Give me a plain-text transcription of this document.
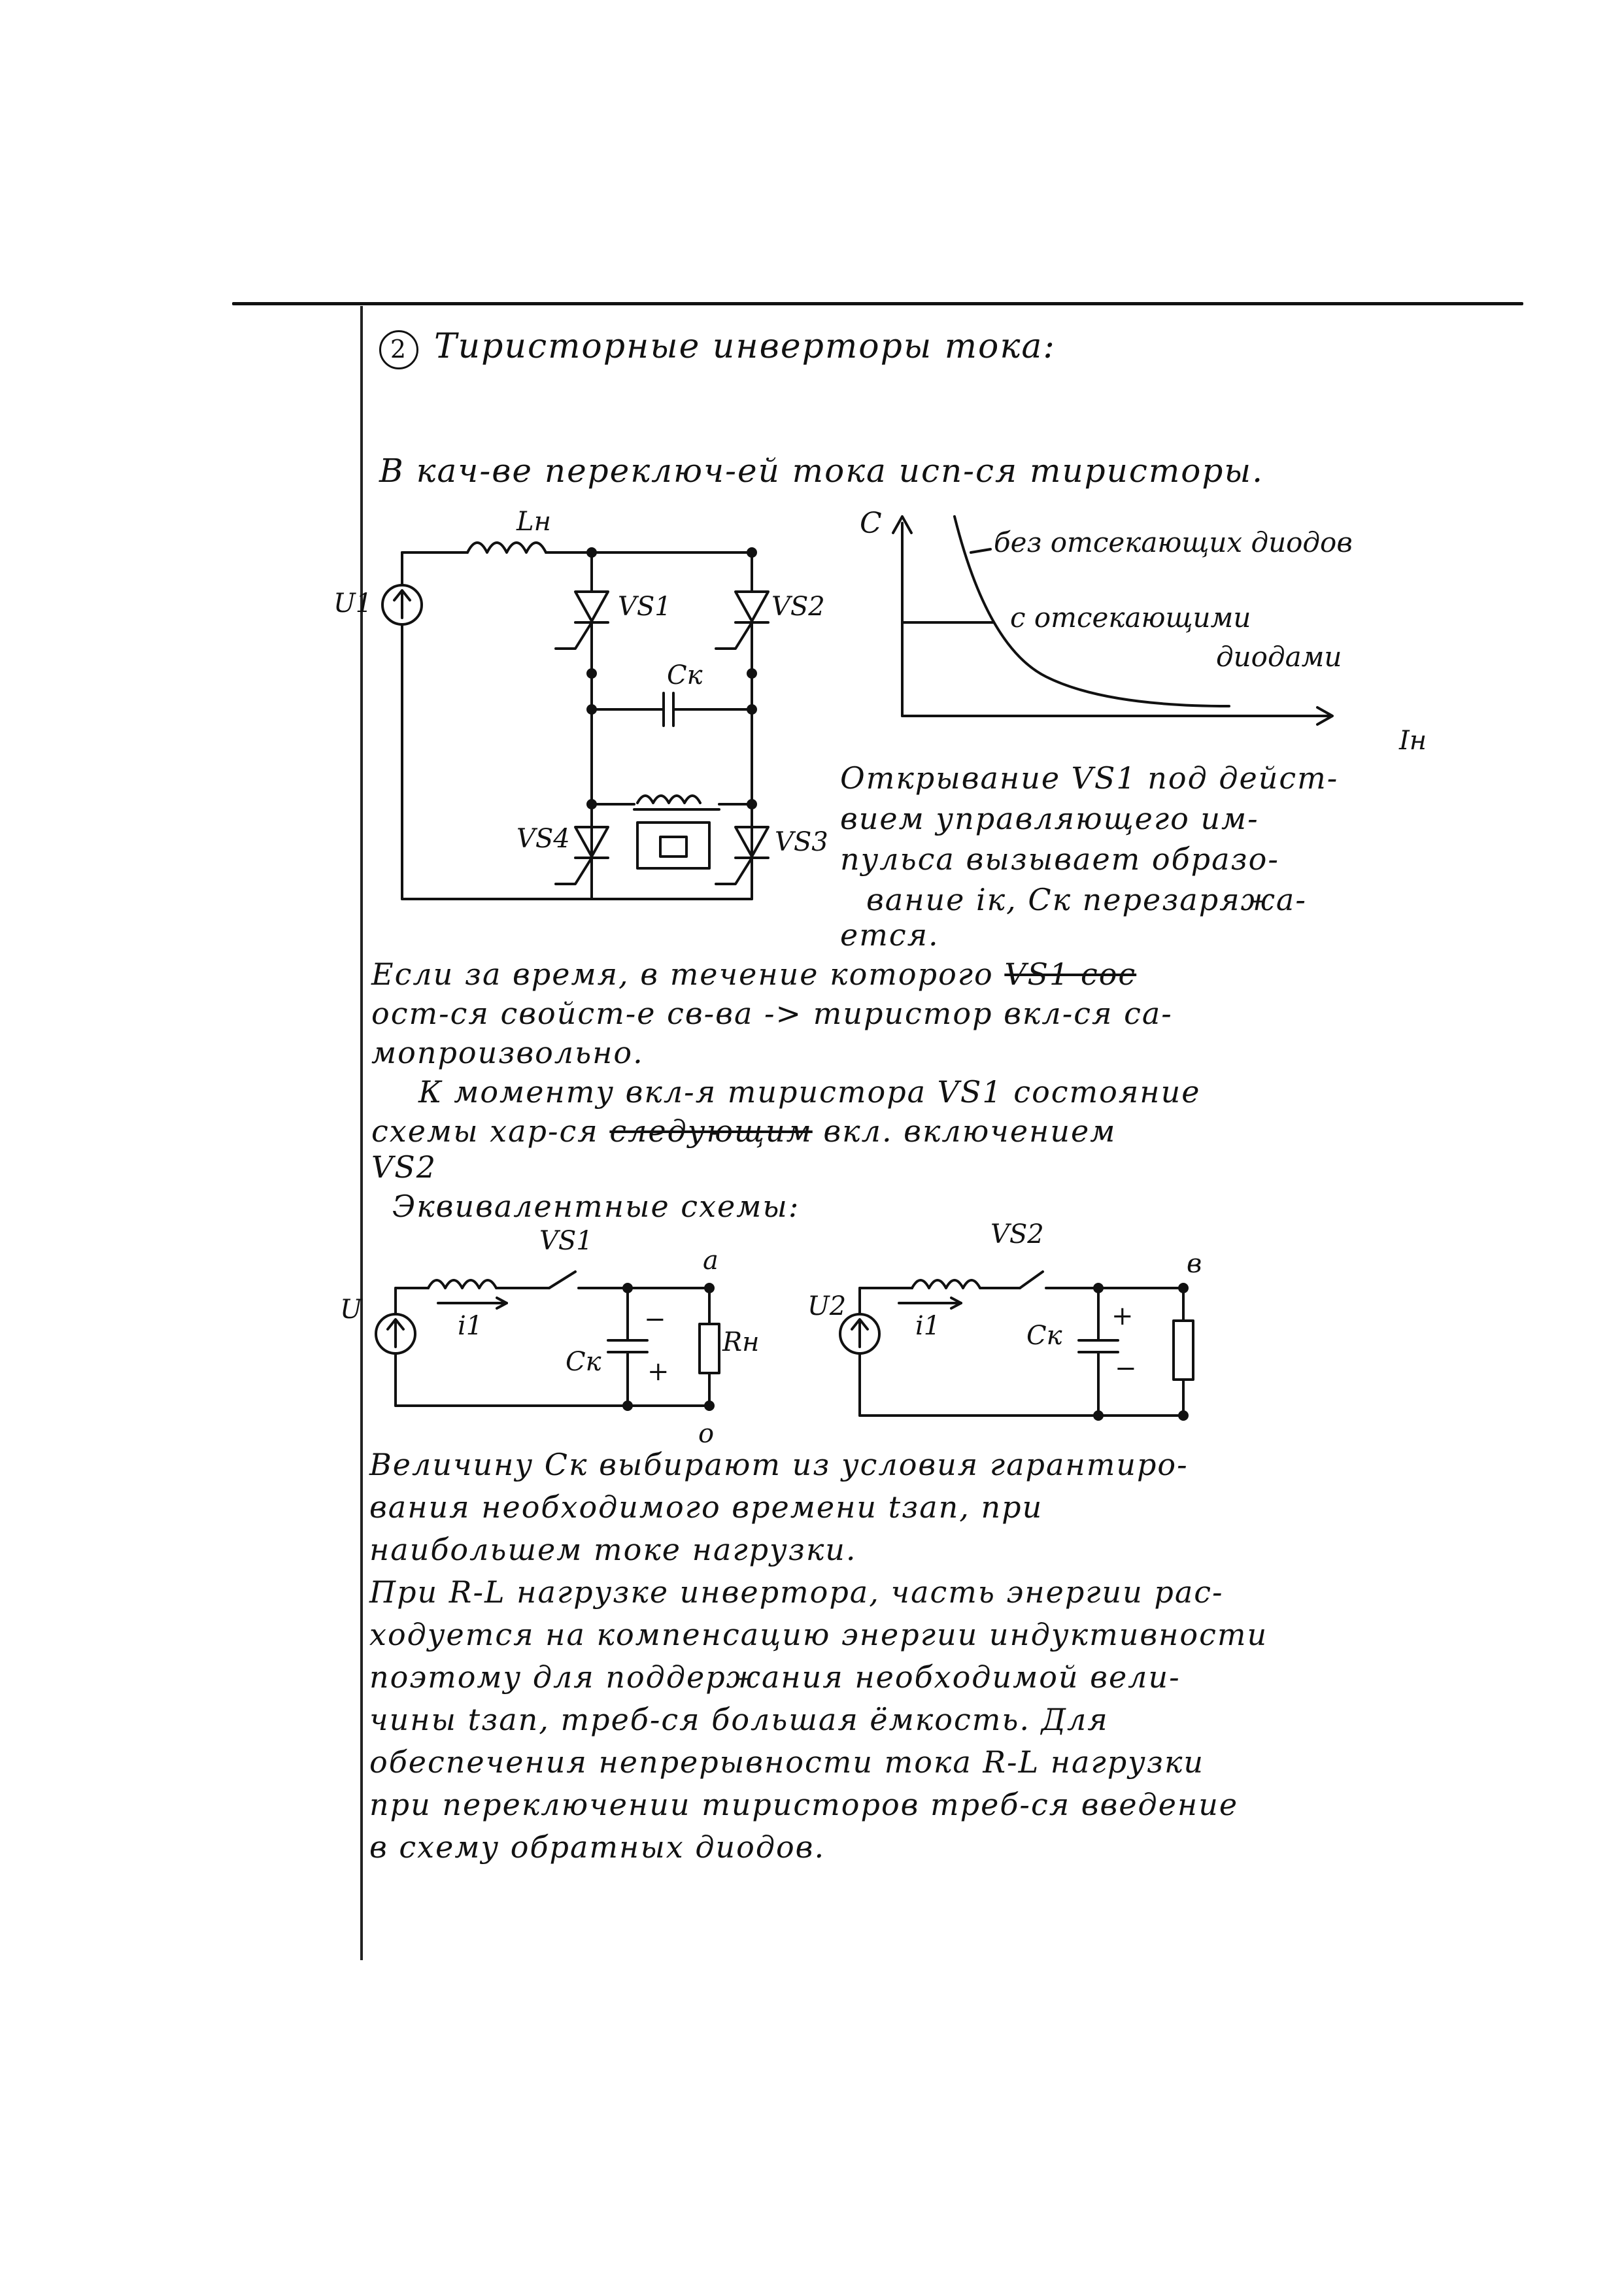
2 Тиристорные инверторы тока:
В кач-ве переключ-ей тока исп-ся тиристоры.
Lн
U1	VS1	VS2
Cк
VS4	VS3
C
Iн
без отсекающих диодов
с отсекающими
диодами
Открывание VS1 под дейст-
вием управляющего им-
пульса вызывает образо-
вание iк, Cк перезаряжа-
ется.
Если за время, в течение которого VS1 сос
ост-ся свойст-е св-ва -> тиристор вкл-ся са-
мопроизвольно.
К моменту вкл-я тиристора VS1 состояние
схемы хар-ся следующим вкл. включением
VS2
Эквивалентные схемы:
U
VS1
a
i1
Cк
−
+
Rн
o
U2
VS2
в
i1	Cк
+
−
Величину Cк выбирают из условия гарантиро-
вания необходимого времени tзап, при
наибольшем токе нагрузки.
При R-L нагрузке инвертора, часть энергии рас-
ходуется на компенсацию энергии индуктивности
поэтому для поддержания необходимой вели-
чины tзап, треб-ся большая ёмкость. Для
обеспечения непрерывности тока R-L нагрузки
при переключении тиристоров треб-ся введение
в схему обратных диодов.
